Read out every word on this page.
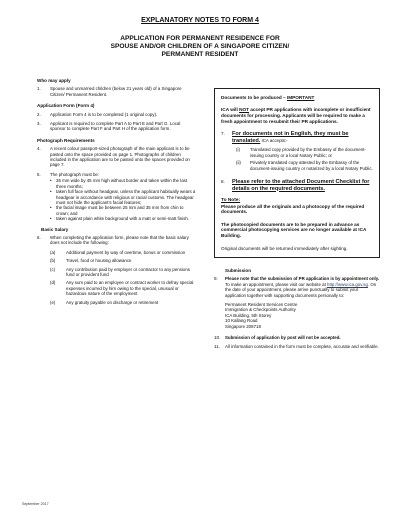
EXPLANATORY NOTES TO FORM 4
APPLICATION FOR PERMANENT RESIDENCE FOR
SPOUSE AND/OR CHILDREN OF A SINGAPORE CITIZEN/
PERMANENT RESIDENT
Who may apply
1.	Spouse and unmarried children (below 21 years old) of a Singapore Citizen/ Permanent Resident.
Application Form (Form 4)
2.	Application Form 4 is to be completed (1 original copy).
3.	Applicant is required to complete Part A to Part E and Part G. Local sponsor to complete Part F and Part H of the application form.
Photograph Requirements
4.	A recent colour passport-sized photograph of the main applicant is to be pasted onto the space provided on page 1. Photographs of children included in the application are to be pasted onto the spaces provided on page 7.
5.	The photograph must be:
• 35 mm wide by 45 mm high without border and taken within the last three months;
• taken full face without headgear, unless the applicant habitually wears a headgear in accordance with religious or racial customs. The headgear must not hide the applicant’s facial features;
• the facial image must be between 25 mm and 35 mm from chin to crown; and
• taken against plain white background with a matt or semi-matt finish.
Basic Salary
6.	When completing the application form, please note that the basic salary does not include the following:
(a)	Additional payment by way of overtime, bonus or commission
(b)	Travel, food or housing allowance
(c)	Any contribution paid by employer or contractor to any pensions fund or provident fund
(d)	Any sum paid to an employee or contract worker to defray special expenses incurred by him owing to the special, unusual or hazardous nature of the employment
(e)	Any gratuity payable on discharge or retirement
Documents to be produced – IMPORTANT
ICA will NOT accept PR applications with incomplete or insufficient documents for processing. Applicants will be required to make a fresh appointment to resubmit their PR applications.
7.	For documents not in English, they must be translated. ICA accepts:-
(i)	Translated copy provided by the Embassy of the document-issuing country or a local Notary Public; or
(ii)	Privately translated copy attested by the Embassy of the document-issuing country or notarized by a local Notary Public.
8.	Please refer to the attached Document Checklist for details on the required documents.
To Note:
Please produce all the originals and a photocopy of the required documents.
The photocopied documents are to be prepared in advance as commercial photocopying services are no longer available at ICA Building.
Original documents will be returned immediately after sighting.
Submission
9.	Please note that the submission of PR application is by appointment only. To make an appointment, please visit our website at http://www.ica.gov.sg. On the date of your appointment, please arrive punctually to submit your application together with supporting documents personally to:
Permanent Resident Services Centre
Immigration & Checkpoints Authority
ICA Building, 5th Storey
10 Kallang Road
Singapore 208718
10.	Submission of application by post will not be accepted.
11.	All information contained in the form must be complete, accurate and verifiable.
September 2017
